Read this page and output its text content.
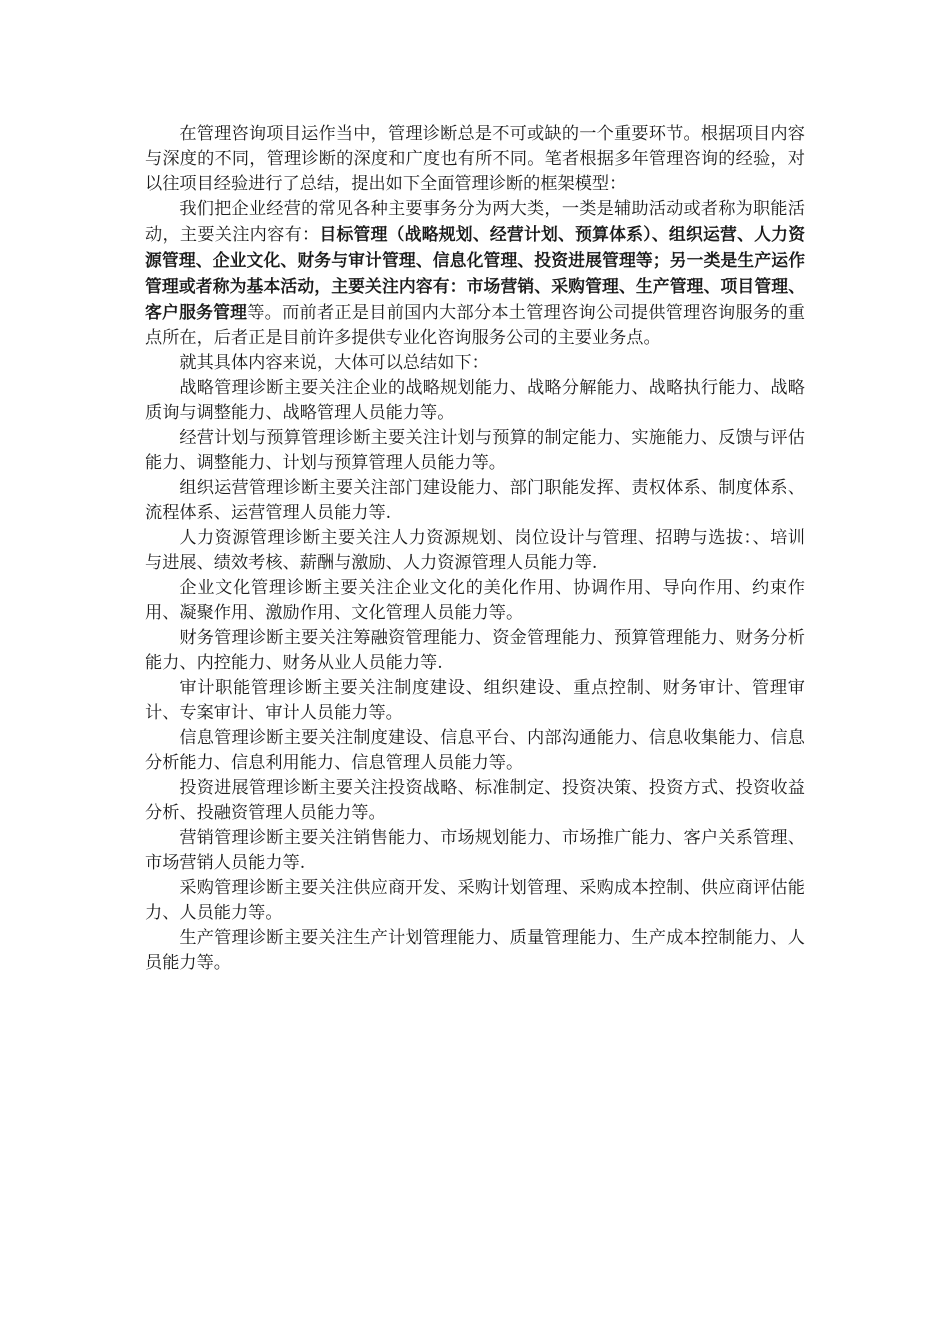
在管理咨询项目运作当中，管理诊断总是不可或缺的一个重要环节。根据项目内容与深度的不同，管理诊断的深度和广度也有所不同。笔者根据多年管理咨询的经验，对以往项目经验进行了总结，提出如下全面管理诊断的框架模型：

我们把企业经营的常见各种主要事务分为两大类，一类是辅助活动或者称为职能活动，主要关注内容有：目标管理（战略规划、经营计划、预算体系）、组织运营、人力资源管理、企业文化、财务与审计管理、信息化管理、投资进展管理等；另一类是生产运作管理或者称为基本活动，主要关注内容有：市场营销、采购管理、生产管理、项目管理、客户服务管理等。而前者正是目前国内大部分本土管理咨询公司提供管理咨询服务的重点所在，后者正是目前许多提供专业化咨询服务公司的主要业务点。

就其具体内容来说，大体可以总结如下：

战略管理诊断主要关注企业的战略规划能力、战略分解能力、战略执行能力、战略质询与调整能力、战略管理人员能力等。

经营计划与预算管理诊断主要关注计划与预算的制定能力、实施能力、反馈与评估能力、调整能力、计划与预算管理人员能力等。

组织运营管理诊断主要关注部门建设能力、部门职能发挥、责权体系、制度体系、流程体系、运营管理人员能力等.

人力资源管理诊断主要关注人力资源规划、岗位设计与管理、招聘与选拔：、培训与进展、绩效考核、薪酬与激励、人力资源管理人员能力等.

企业文化管理诊断主要关注企业文化的美化作用、协调作用、导向作用、约束作用、凝聚作用、激励作用、文化管理人员能力等。

财务管理诊断主要关注筹融资管理能力、资金管理能力、预算管理能力、财务分析能力、内控能力、财务从业人员能力等.

审计职能管理诊断主要关注制度建设、组织建设、重点控制、财务审计、管理审计、专案审计、审计人员能力等。

信息管理诊断主要关注制度建设、信息平台、内部沟通能力、信息收集能力、信息分析能力、信息利用能力、信息管理人员能力等。

投资进展管理诊断主要关注投资战略、标准制定、投资决策、投资方式、投资收益分析、投融资管理人员能力等。

营销管理诊断主要关注销售能力、市场规划能力、市场推广能力、客户关系管理、市场营销人员能力等.

采购管理诊断主要关注供应商开发、采购计划管理、采购成本控制、供应商评估能力、人员能力等。

生产管理诊断主要关注生产计划管理能力、质量管理能力、生产成本控制能力、人员能力等。
